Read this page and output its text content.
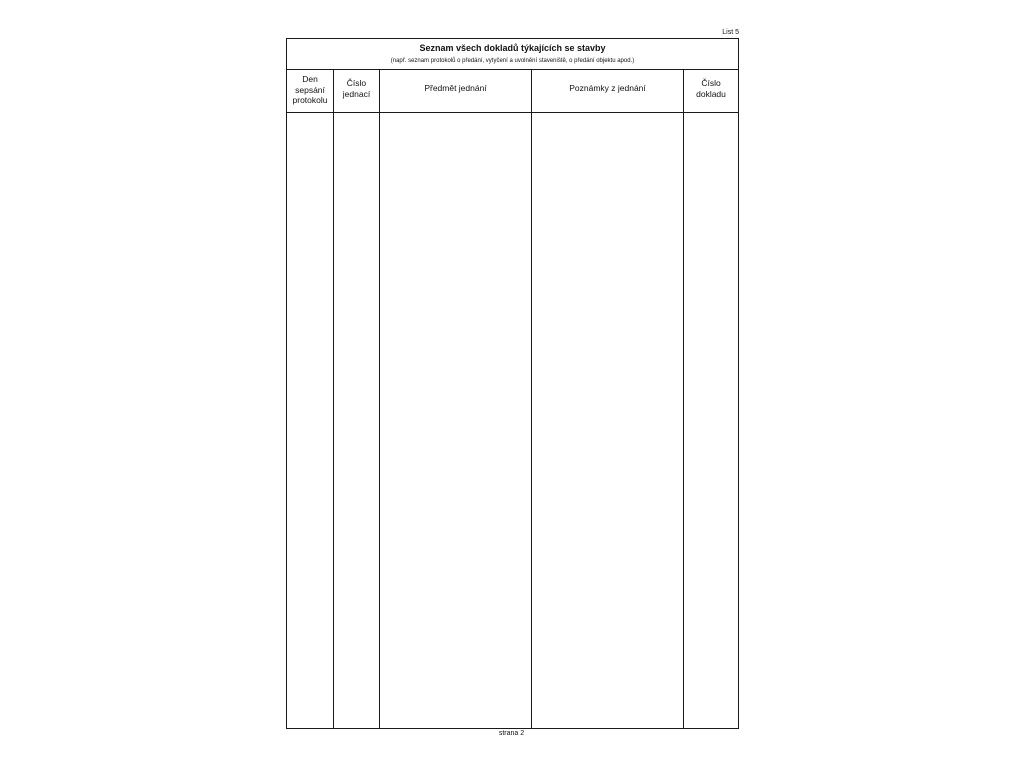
List 5
Seznam všech dokladů týkajících se stavby
(např. seznam protokolů o předání, vytyčení a uvolnění staveniště, o předání objektu apod.)
Den
sepsání
protokolu
Číslo
jednací
Předmět jednání	Poznámky z jednání	Číslo
dokladu
strana 2
